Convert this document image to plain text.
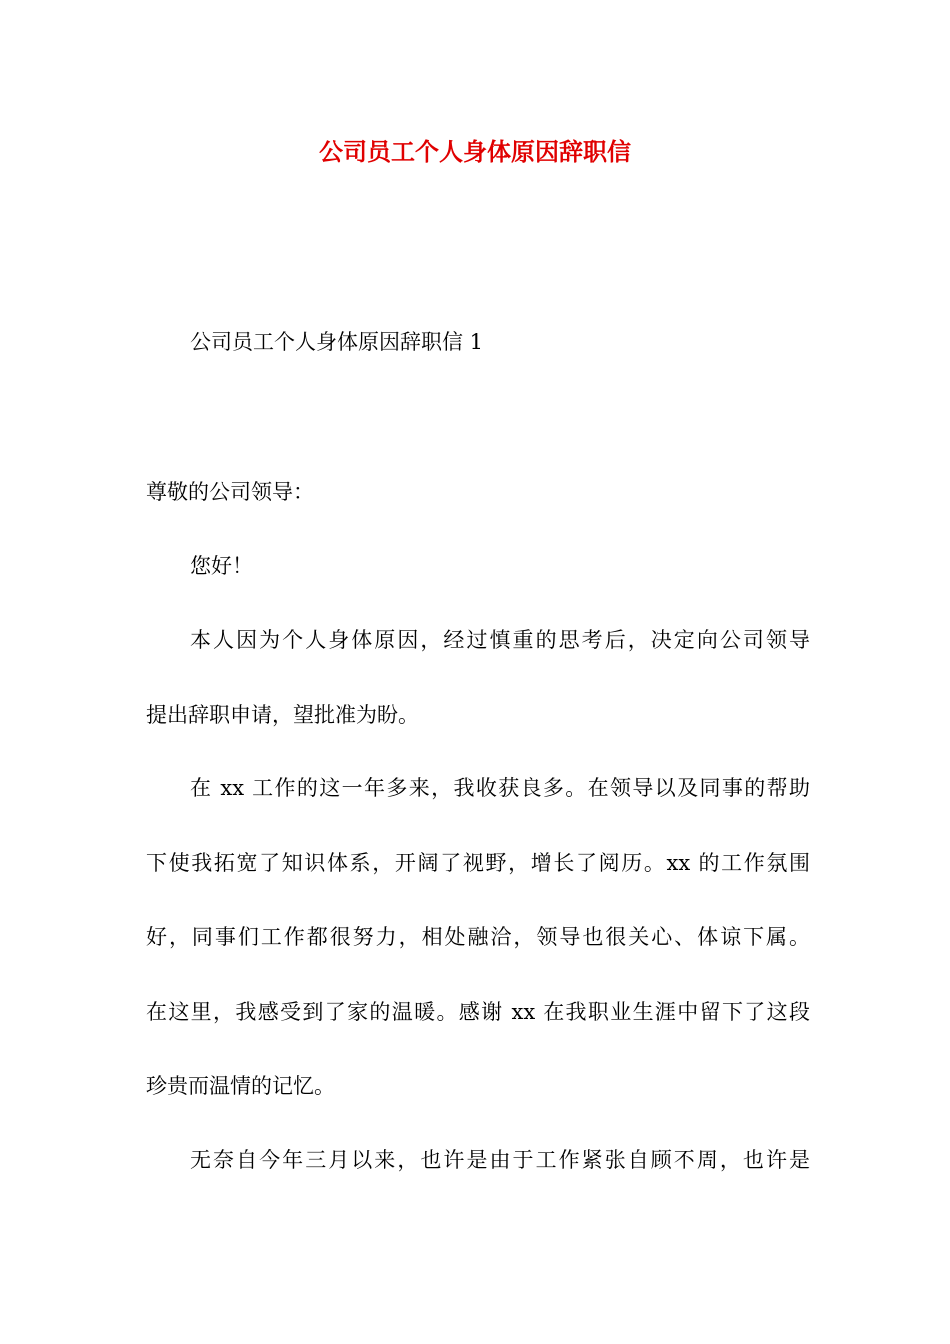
公司员工个人身体原因辞职信

公司员工个人身体原因辞职信 1

尊敬的公司领导：

您好！

本人因为个人身体原因，经过慎重的思考后，决定向公司领导

提出辞职申请，望批准为盼。

在 xx 工作的这一年多来，我收获良多。在领导以及同事的帮助

下使我拓宽了知识体系，开阔了视野，增长了阅历。xx 的工作氛围

好，同事们工作都很努力，相处融洽，领导也很关心、体谅下属。

在这里，我感受到了家的温暖。感谢 xx 在我职业生涯中留下了这段

珍贵而温情的记忆。

无奈自今年三月以来，也许是由于工作紧张自顾不周，也许是
